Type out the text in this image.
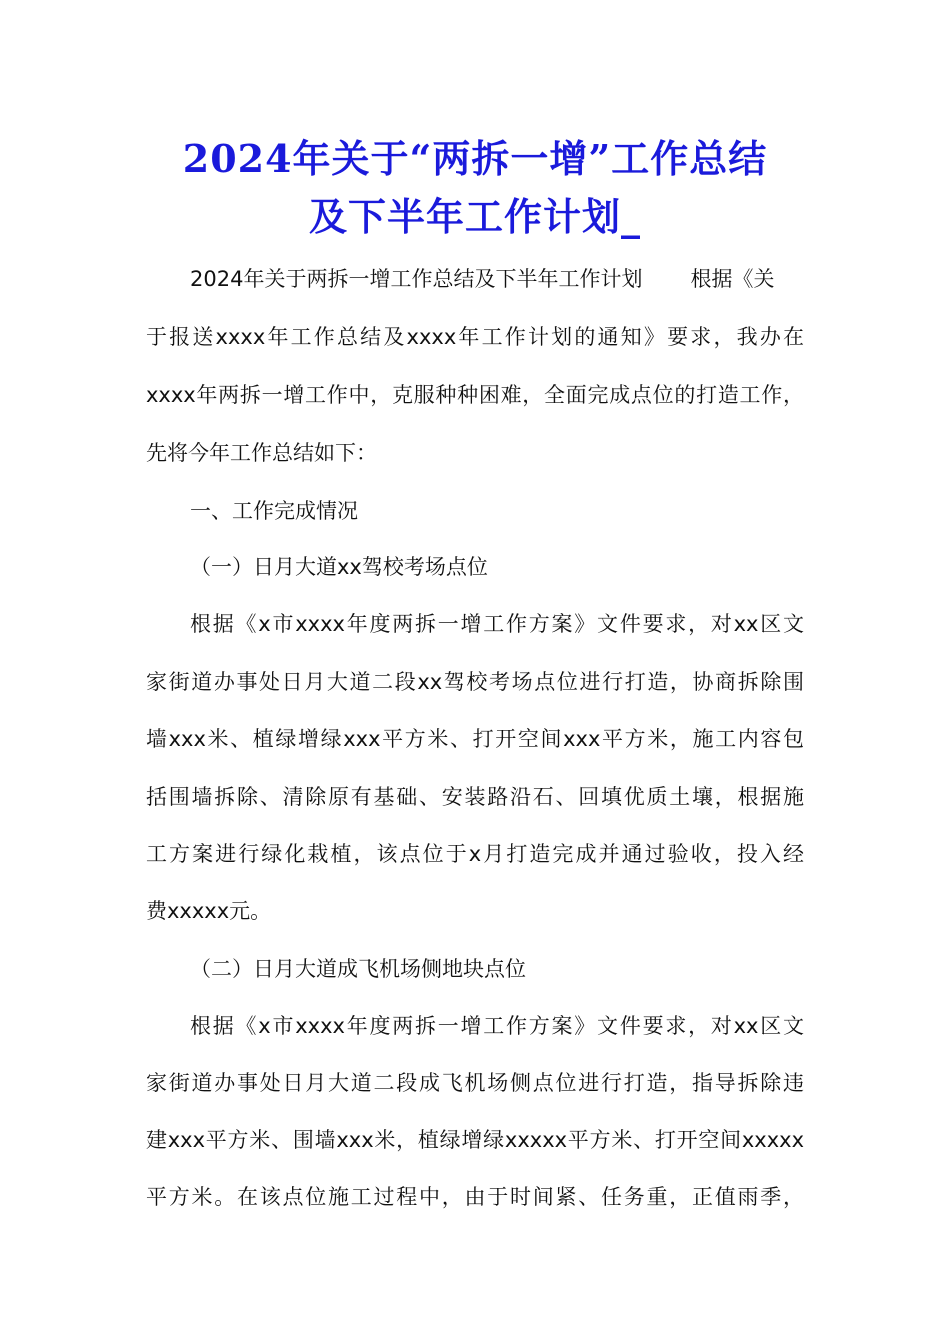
2024年关于“两拆一增”工作总结
及下半年工作计划_
2024年关于两拆一增工作总结及下半年工作计划 根据《关
于报送xxxx年工作总结及xxxx年工作计划的通知》要求，我办在
xxxx年两拆一增工作中，克服种种困难，全面完成点位的打造工作，
先将今年工作总结如下：
一、工作完成情况
（一）日月大道xx驾校考场点位
根据《x市xxxx年度两拆一增工作方案》文件要求，对xx区文
家街道办事处日月大道二段xx驾校考场点位进行打造，协商拆除围
墙xxx米、植绿增绿xxx平方米、打开空间xxx平方米，施工内容包
括围墙拆除、清除原有基础、安装路沿石、回填优质土壤，根据施
工方案进行绿化栽植，该点位于x月打造完成并通过验收，投入经
费xxxxx元。
（二）日月大道成飞机场侧地块点位
根据《x市xxxx年度两拆一增工作方案》文件要求，对xx区文
家街道办事处日月大道二段成飞机场侧点位进行打造，指导拆除违
建xxx平方米、围墙xxx米，植绿增绿xxxxx平方米、打开空间xxxxx
平方米。在该点位施工过程中，由于时间紧、任务重，正值雨季，
